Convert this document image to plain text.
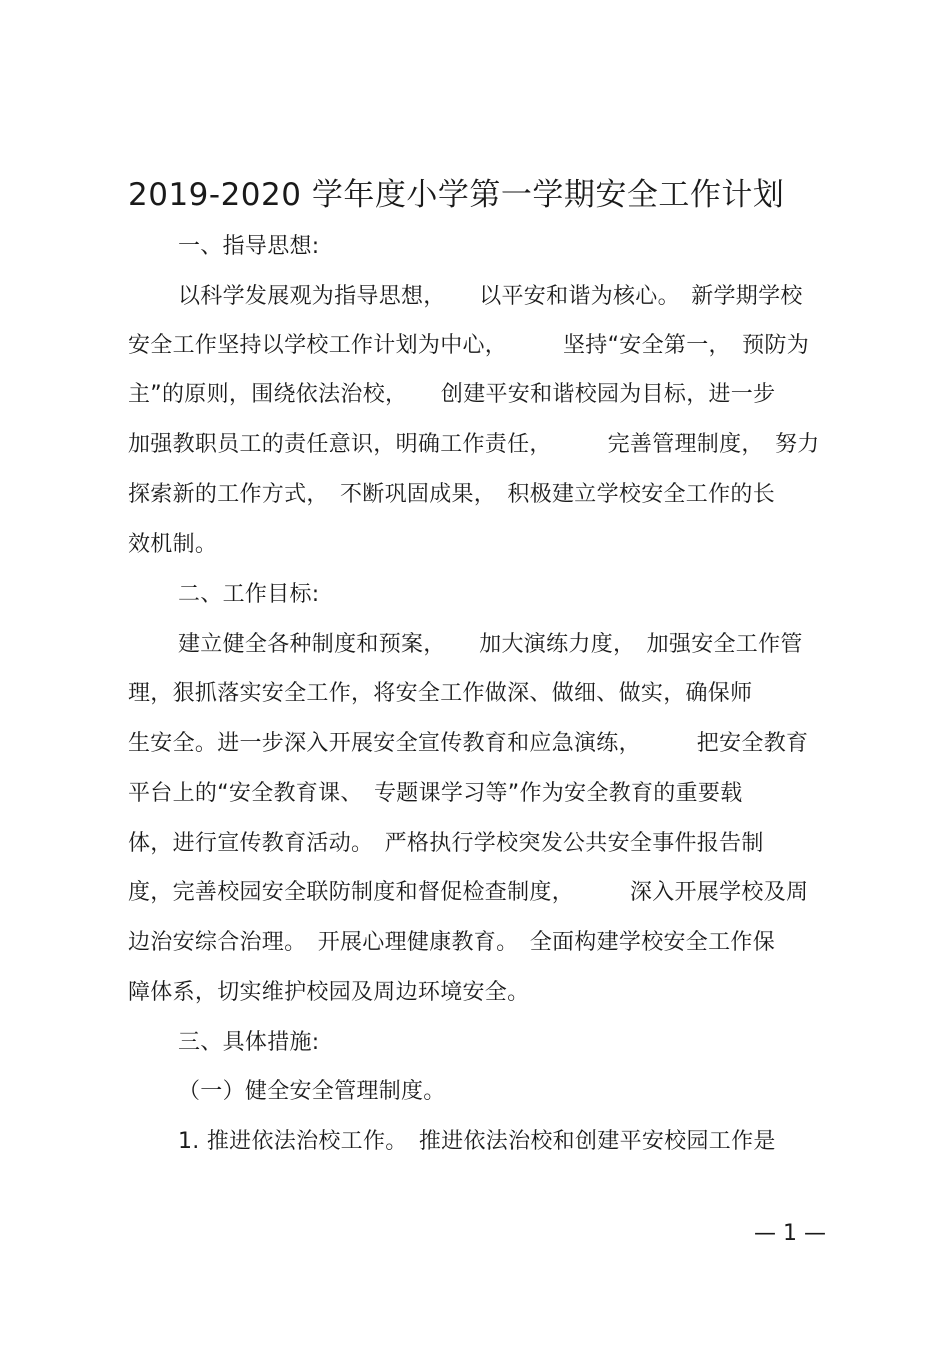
2019-2020 学年度小学第一学期安全工作计划
一、指导思想:
以科学发展观为指导思想，　　以平安和谐为核心。　新学期学校
安全工作坚持以学校工作计划为中心，　　　坚持“安全第一，　预防为
主”的原则，围绕依法治校，　　创建平安和谐校园为目标，进一步
加强教职员工的责任意识，明确工作责任，　　　完善管理制度，　努力
探索新的工作方式，　不断巩固成果，　积极建立学校安全工作的长
效机制。
二、工作目标:
建立健全各种制度和预案，　　加大演练力度，　加强安全工作管
理，狠抓落实安全工作，将安全工作做深、做细、做实，确保师
生安全。进一步深入开展安全宣传教育和应急演练，　　　把安全教育
平台上的“安全教育课、　专题课学习等”作为安全教育的重要载
体，进行宣传教育活动。　严格执行学校突发公共安全事件报告制
度，完善校园安全联防制度和督促检查制度，　　　深入开展学校及周
边治安综合治理。　开展心理健康教育。　全面构建学校安全工作保
障体系，切实维护校园及周边环境安全。
三、具体措施:
（一）健全安全管理制度。
1. 推进依法治校工作。　推进依法治校和创建平安校园工作是
— 1 —
